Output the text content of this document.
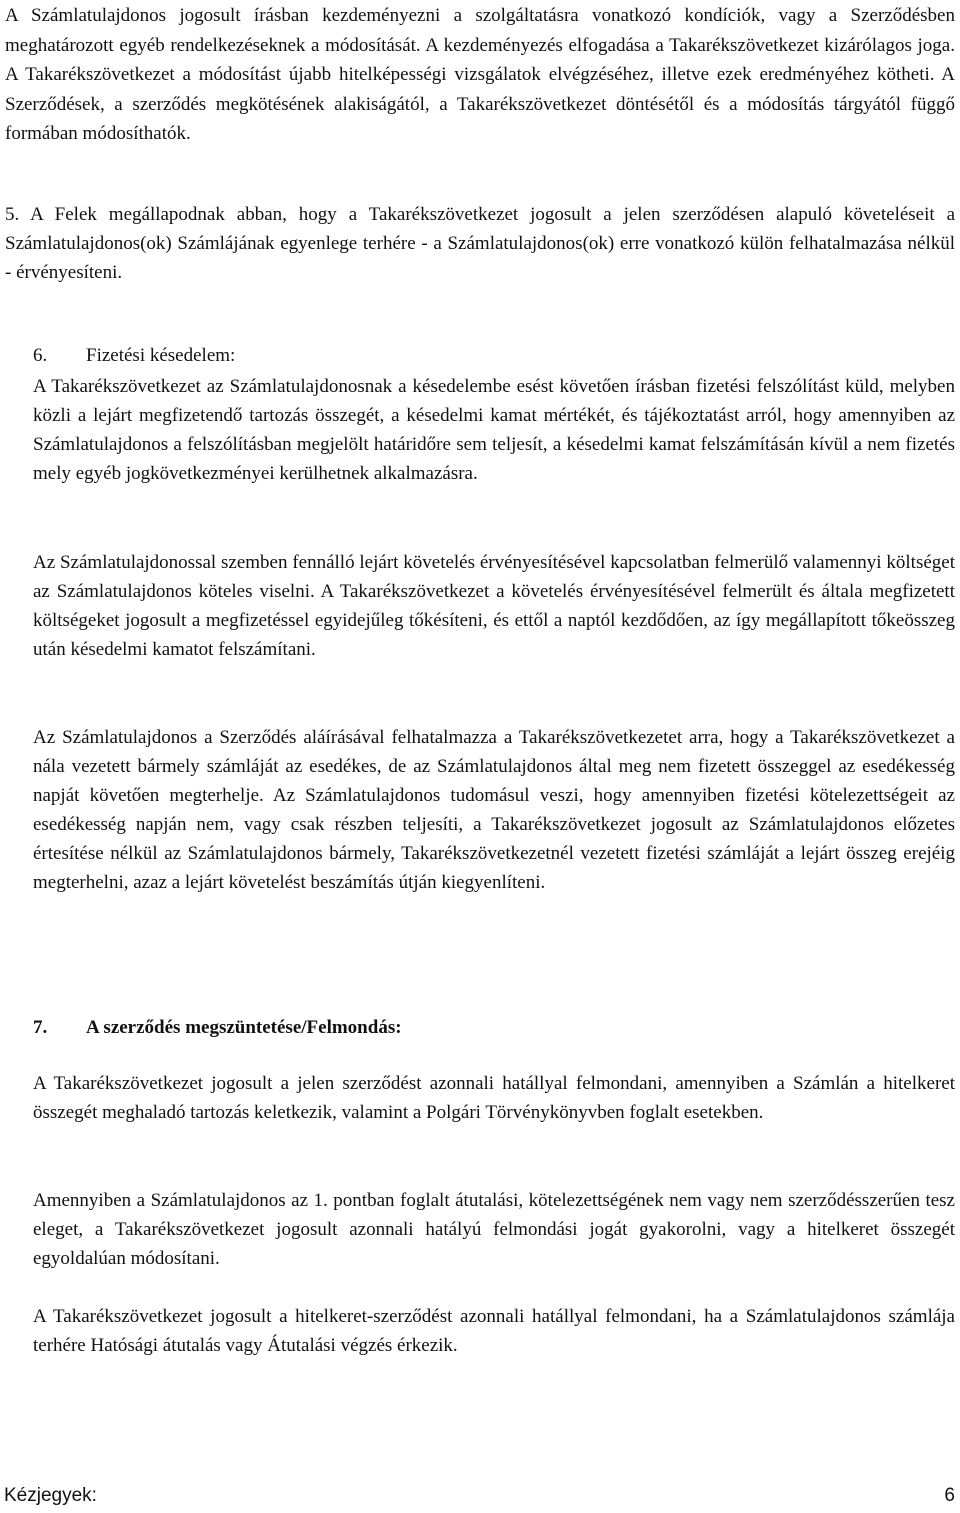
A Számlatulajdonos jogosult írásban kezdeményezni a szolgáltatásra vonatkozó kondíciók, vagy a Szerződésben meghatározott egyéb rendelkezéseknek a módosítását. A kezdeményezés elfogadása a Takarékszövetkezet kizárólagos joga. A Takarékszövetkezet a módosítást újabb hitelképességi vizsgálatok elvégzéséhez, illetve ezek eredményéhez kötheti. A Szerződések, a szerződés megkötésének alakiságától, a Takarékszövetkezet döntésétől és a módosítás tárgyától függő formában módosíthatók.

5. A Felek megállapodnak abban, hogy a Takarékszövetkezet jogosult a jelen szerződésen alapuló követeléseit a Számlatulajdonos(ok) Számlájának egyenlege terhére - a Számlatulajdonos(ok) erre vonatkozó külön felhatalmazása nélkül - érvényesíteni.

6. Fizetési késedelem:

A Takarékszövetkezet az Számlatulajdonosnak a késedelembe esést követően írásban fizetési felszólítást küld, melyben közli a lejárt megfizetendő tartozás összegét, a késedelmi kamat mértékét, és tájékoztatást arról, hogy amennyiben az Számlatulajdonos a felszólításban megjelölt határidőre sem teljesít, a késedelmi kamat felszámításán kívül a nem fizetés mely egyéb jogkövetkezményei kerülhetnek alkalmazásra.

Az Számlatulajdonossal szemben fennálló lejárt követelés érvényesítésével kapcsolatban felmerülő valamennyi költséget az Számlatulajdonos köteles viselni. A Takarékszövetkezet a követelés érvényesítésével felmerült és általa megfizetett költségeket jogosult a megfizetéssel egyidejűleg tőkésíteni, és ettől a naptól kezdődően, az így megállapított tőkeösszeg után késedelmi kamatot felszámítani.

Az Számlatulajdonos a Szerződés aláírásával felhatalmazza a Takarékszövetkezetet arra, hogy a Takarékszövetkezet a nála vezetett bármely számláját az esedékes, de az Számlatulajdonos által meg nem fizetett összeggel az esedékesség napját követően megterhelje. Az Számlatulajdonos tudomásul veszi, hogy amennyiben fizetési kötelezettségeit az esedékesség napján nem, vagy csak részben teljesíti, a Takarékszövetkezet jogosult az Számlatulajdonos előzetes értesítése nélkül az Számlatulajdonos bármely, Takarékszövetkezetnél vezetett fizetési számláját a lejárt összeg erejéig megterhelni, azaz a lejárt követelést beszámítás útján kiegyenlíteni.

7. A szerződés megszüntetése/Felmondás:

A Takarékszövetkezet jogosult a jelen szerződést azonnali hatállyal felmondani, amennyiben a Számlán a hitelkeret összegét meghaladó tartozás keletkezik, valamint a Polgári Törvénykönyvben foglalt esetekben.

Amennyiben a Számlatulajdonos az 1. pontban foglalt átutalási, kötelezettségének nem vagy nem szerződésszerűen tesz eleget, a Takarékszövetkezet jogosult azonnali hatályú felmondási jogát gyakorolni, vagy a hitelkeret összegét egyoldalúan módosítani.

A Takarékszövetkezet jogosult a hitelkeret-szerződést azonnali hatállyal felmondani, ha a Számlatulajdonos számlája terhére Hatósági átutalás vagy Átutalási végzés érkezik.

Kézjegyek:	6
